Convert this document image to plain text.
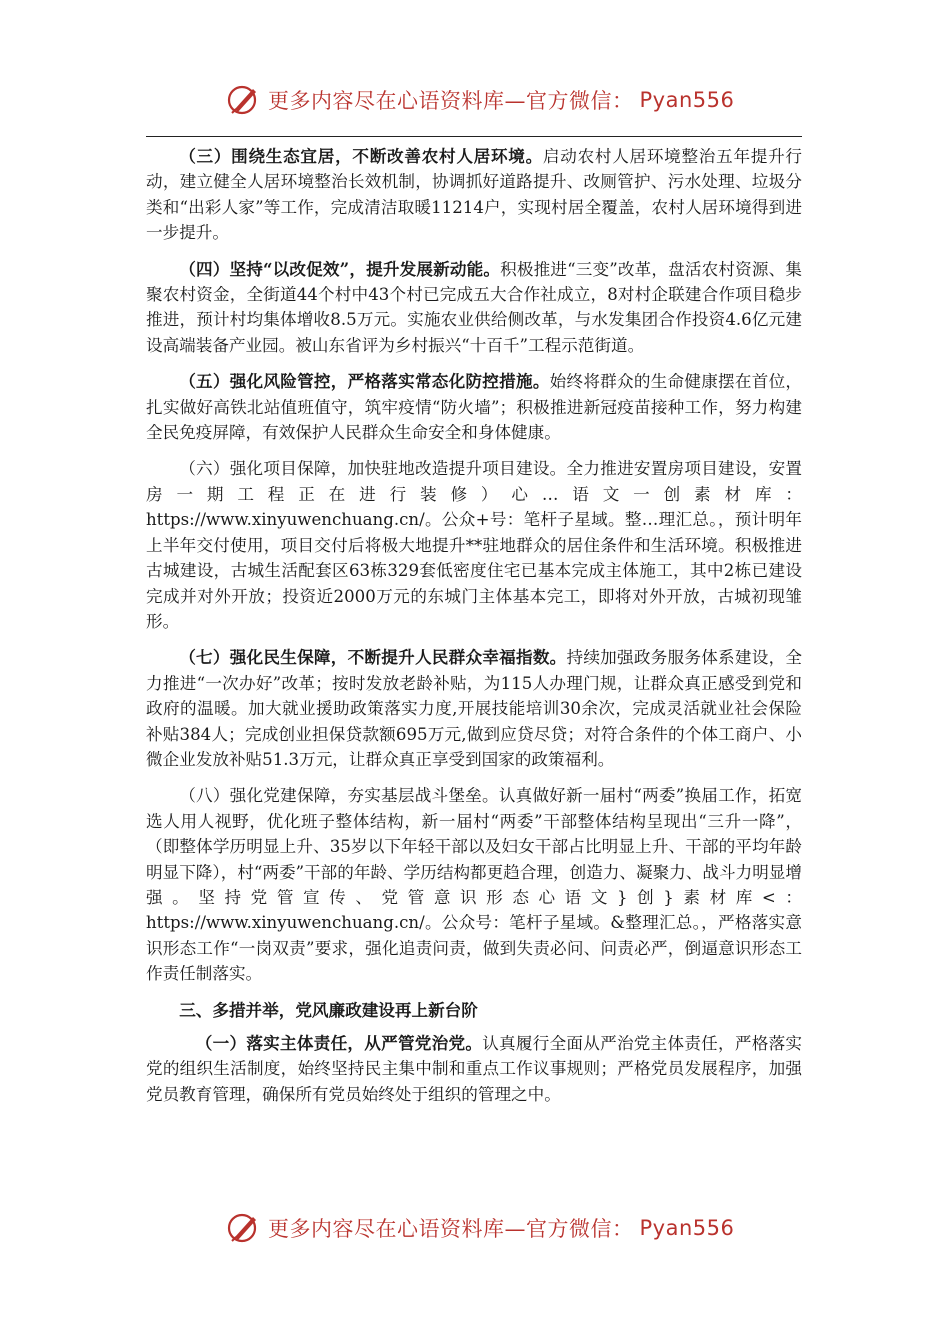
更多内容尽在心语资料库—官方微信： Pyan556

（三）围绕生态宜居，不断改善农村人居环境。启动农村人居环境整治五年提升行动，建立健全人居环境整治长效机制，协调抓好道路提升、改厕管护、污水处理、垃圾分类和“出彩人家”等工作，完成清洁取暖11214户，实现村居全覆盖，农村人居环境得到进一步提升。

（四）坚持“以改促效”，提升发展新动能。积极推进“三变”改革，盘活农村资源、集聚农村资金，全街道44个村中43个村已完成五大合作社成立，8对村企联建合作项目稳步推进，预计村均集体增收8.5万元。实施农业供给侧改革，与水发集团合作投资4.6亿元建设高端装备产业园。被山东省评为乡村振兴“十百千”工程示范街道。

（五）强化风险管控，严格落实常态化防控措施。始终将群众的生命健康摆在首位，扎实做好高铁北站值班值守，筑牢疫情“防火墙”；积极推进新冠疫苗接种工作，努力构建全民免疫屏障，有效保护人民群众生命安全和身体健康。

（六）强化项目保障，加快驻地改造提升项目建设。全力推进安置房项目建设，安置房一期工程正在进行装修）心…语文一创素材库：https://www.xinyuwenchuang.cn/。公众+号：笔杆子星域。整…理汇总。，预计明年上半年交付使用，项目交付后将极大地提升**驻地群众的居住条件和生活环境。积极推进古城建设，古城生活配套区63栋329套低密度住宅已基本完成主体施工，其中2栋已建设完成并对外开放；投资近2000万元的东城门主体基本完工，即将对外开放，古城初现雏形。

（七）强化民生保障，不断提升人民群众幸福指数。持续加强政务服务体系建设，全力推进“一次办好”改革；按时发放老龄补贴，为115人办理门规，让群众真正感受到党和政府的温暖。加大就业援助政策落实力度,开展技能培训30余次，完成灵活就业社会保险补贴384人；完成创业担保贷款额695万元,做到应贷尽贷；对符合条件的个体工商户、小微企业发放补贴51.3万元，让群众真正享受到国家的政策福利。

（八）强化党建保障，夯实基层战斗堡垒。认真做好新一届村“两委”换届工作，拓宽选人用人视野，优化班子整体结构，新一届村“两委”干部整体结构呈现出“三升一降”，（即整体学历明显上升、35岁以下年轻干部以及妇女干部占比明显上升、干部的平均年龄明显下降），村“两委”干部的年龄、学历结构都更趋合理，创造力、凝聚力、战斗力明显增强。坚持党管宣传、党管意识形态心语文}创}素材库<：https://www.xinyuwenchuang.cn/。公众号：笔杆子星域。&整理汇总。，严格落实意识形态工作“一岗双责”要求，强化追责问责，做到失责必问、问责必严，倒逼意识形态工作责任制落实。

三、多措并举，党风廉政建设再上新台阶

（一）落实主体责任，从严管党治党。认真履行全面从严治党主体责任，严格落实党的组织生活制度，始终坚持民主集中制和重点工作议事规则；严格党员发展程序，加强党员教育管理，确保所有党员始终处于组织的管理之中。

更多内容尽在心语资料库—官方微信： Pyan556
